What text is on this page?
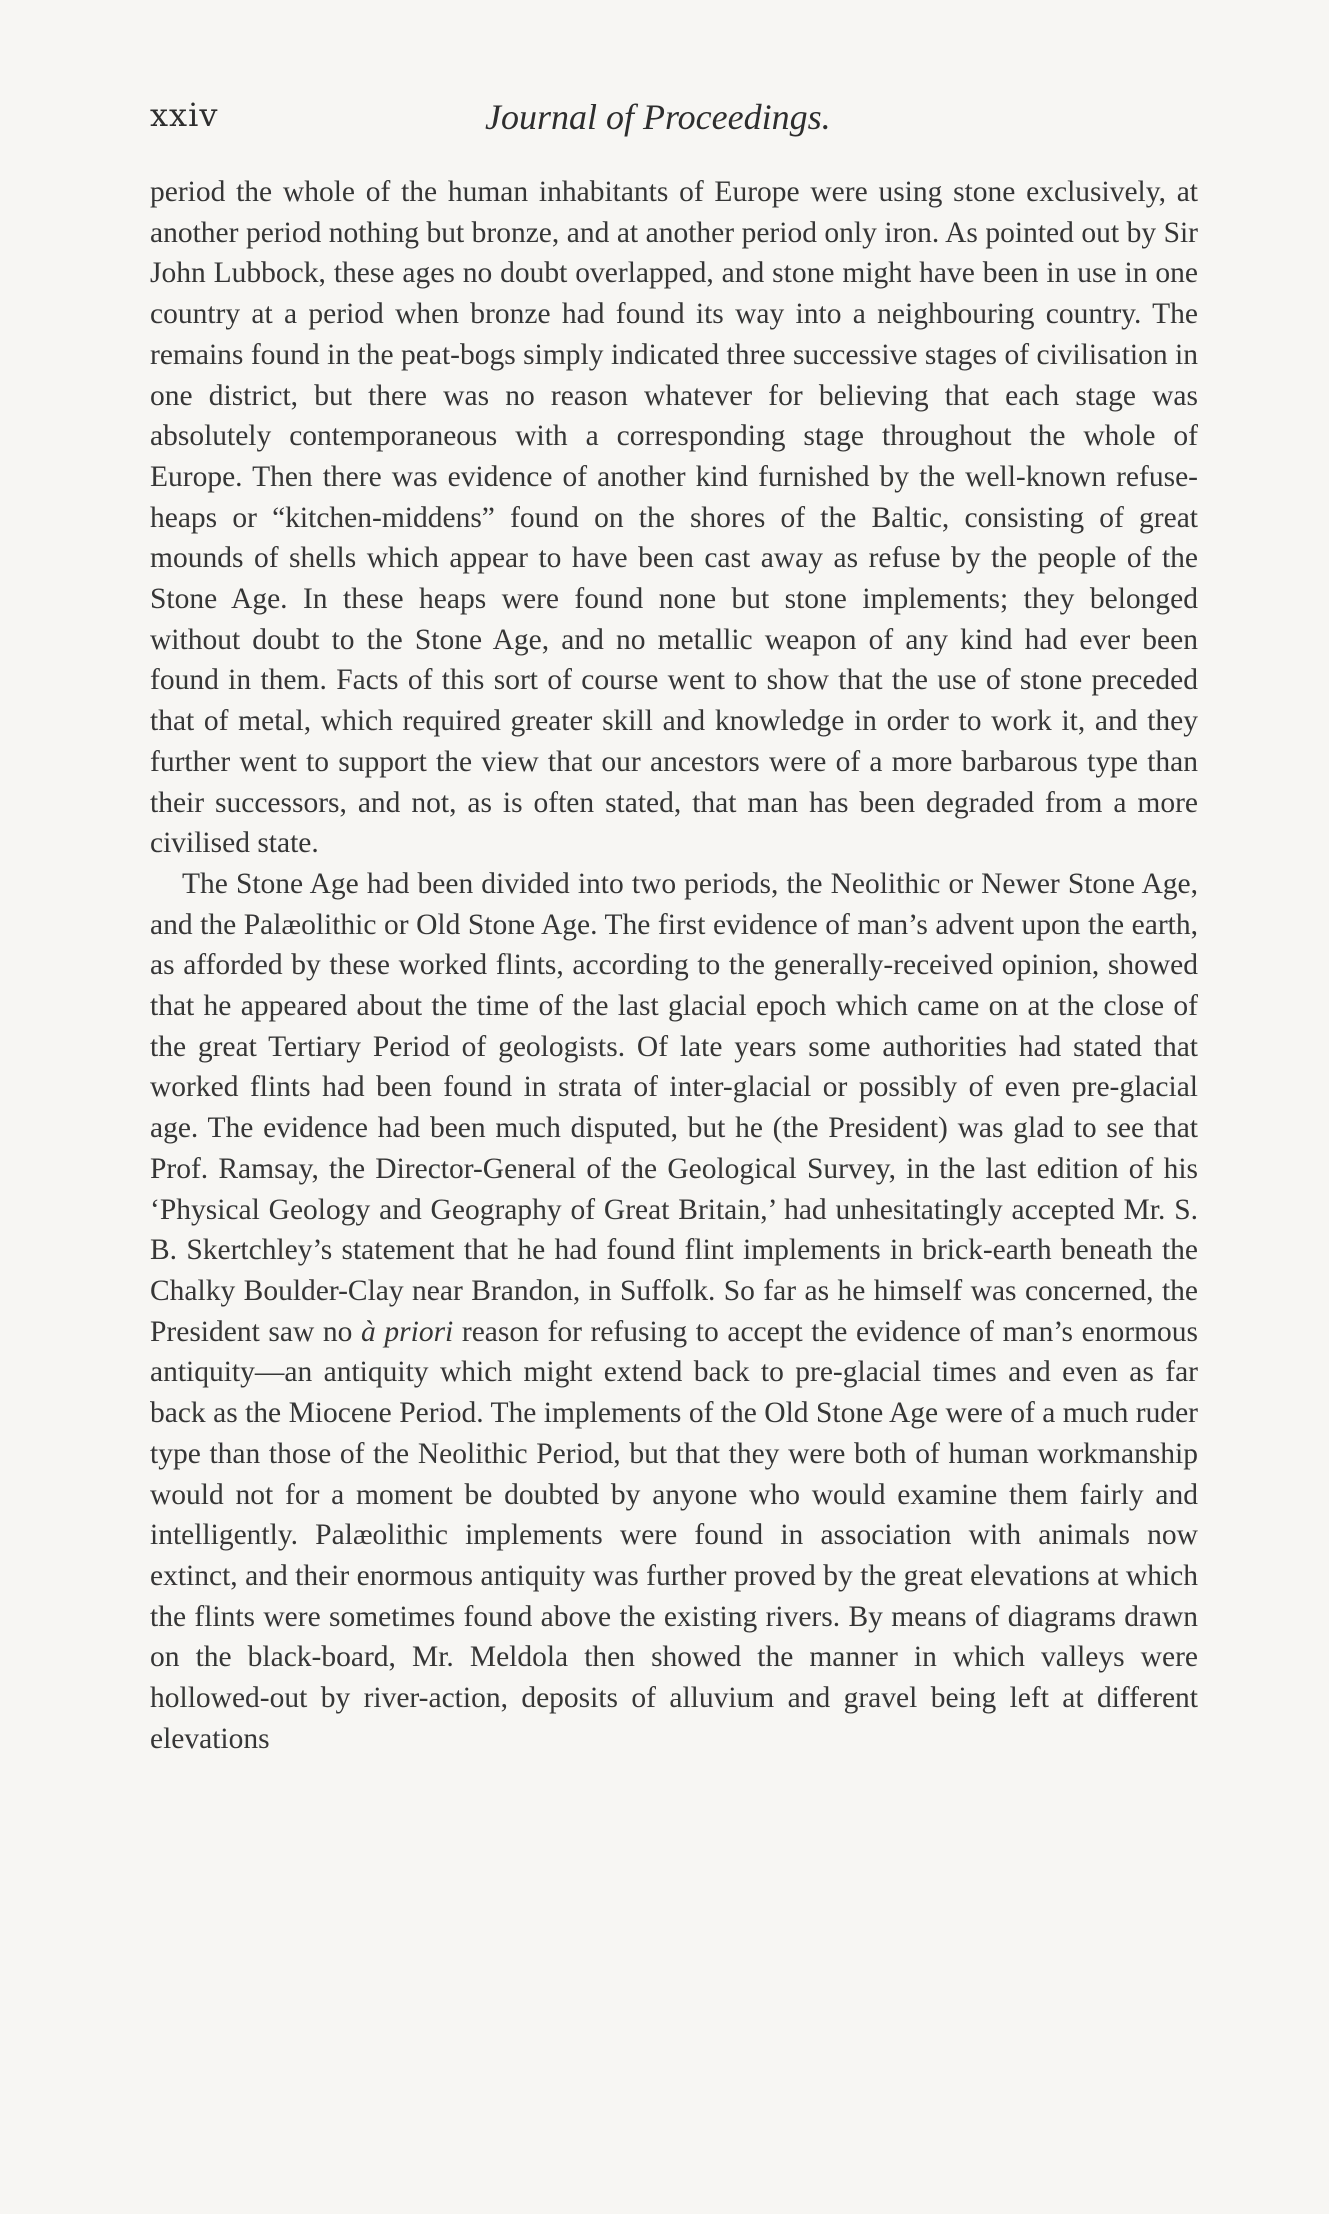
xxiv	Journal of Proceedings.

period the whole of the human inhabitants of Europe were using stone exclusively, at another period nothing but bronze, and at another period only iron. As pointed out by Sir John Lubbock, these ages no doubt overlapped, and stone might have been in use in one country at a period when bronze had found its way into a neighbouring country. The remains found in the peat-bogs simply indicated three successive stages of civilisation in one district, but there was no reason whatever for believing that each stage was absolutely contemporaneous with a corresponding stage throughout the whole of Europe. Then there was evidence of another kind furnished by the well-known refuse-heaps or “kitchen-middens” found on the shores of the Baltic, consisting of great mounds of shells which appear to have been cast away as refuse by the people of the Stone Age. In these heaps were found none but stone implements; they belonged without doubt to the Stone Age, and no metallic weapon of any kind had ever been found in them. Facts of this sort of course went to show that the use of stone preceded that of metal, which required greater skill and knowledge in order to work it, and they further went to support the view that our ancestors were of a more barbarous type than their successors, and not, as is often stated, that man has been degraded from a more civilised state.

The Stone Age had been divided into two periods, the Neolithic or Newer Stone Age, and the Palæolithic or Old Stone Age. The first evidence of man’s advent upon the earth, as afforded by these worked flints, according to the generally-received opinion, showed that he appeared about the time of the last glacial epoch which came on at the close of the great Tertiary Period of geologists. Of late years some authorities had stated that worked flints had been found in strata of inter-glacial or possibly of even pre-glacial age. The evidence had been much disputed, but he (the President) was glad to see that Prof. Ramsay, the Director-General of the Geological Survey, in the last edition of his ‘Physical Geology and Geography of Great Britain,’ had unhesitatingly accepted Mr. S. B. Skertchley’s statement that he had found flint implements in brick-earth beneath the Chalky Boulder-Clay near Brandon, in Suffolk. So far as he himself was concerned, the President saw no à priori reason for refusing to accept the evidence of man’s enormous antiquity—an antiquity which might extend back to pre-glacial times and even as far back as the Miocene Period. The implements of the Old Stone Age were of a much ruder type than those of the Neolithic Period, but that they were both of human workmanship would not for a moment be doubted by anyone who would examine them fairly and intelligently. Palæolithic implements were found in association with animals now extinct, and their enormous antiquity was further proved by the great elevations at which the flints were sometimes found above the existing rivers. By means of diagrams drawn on the black-board, Mr. Meldola then showed the manner in which valleys were hollowed-out by river-action, deposits of alluvium and gravel being left at different elevations
